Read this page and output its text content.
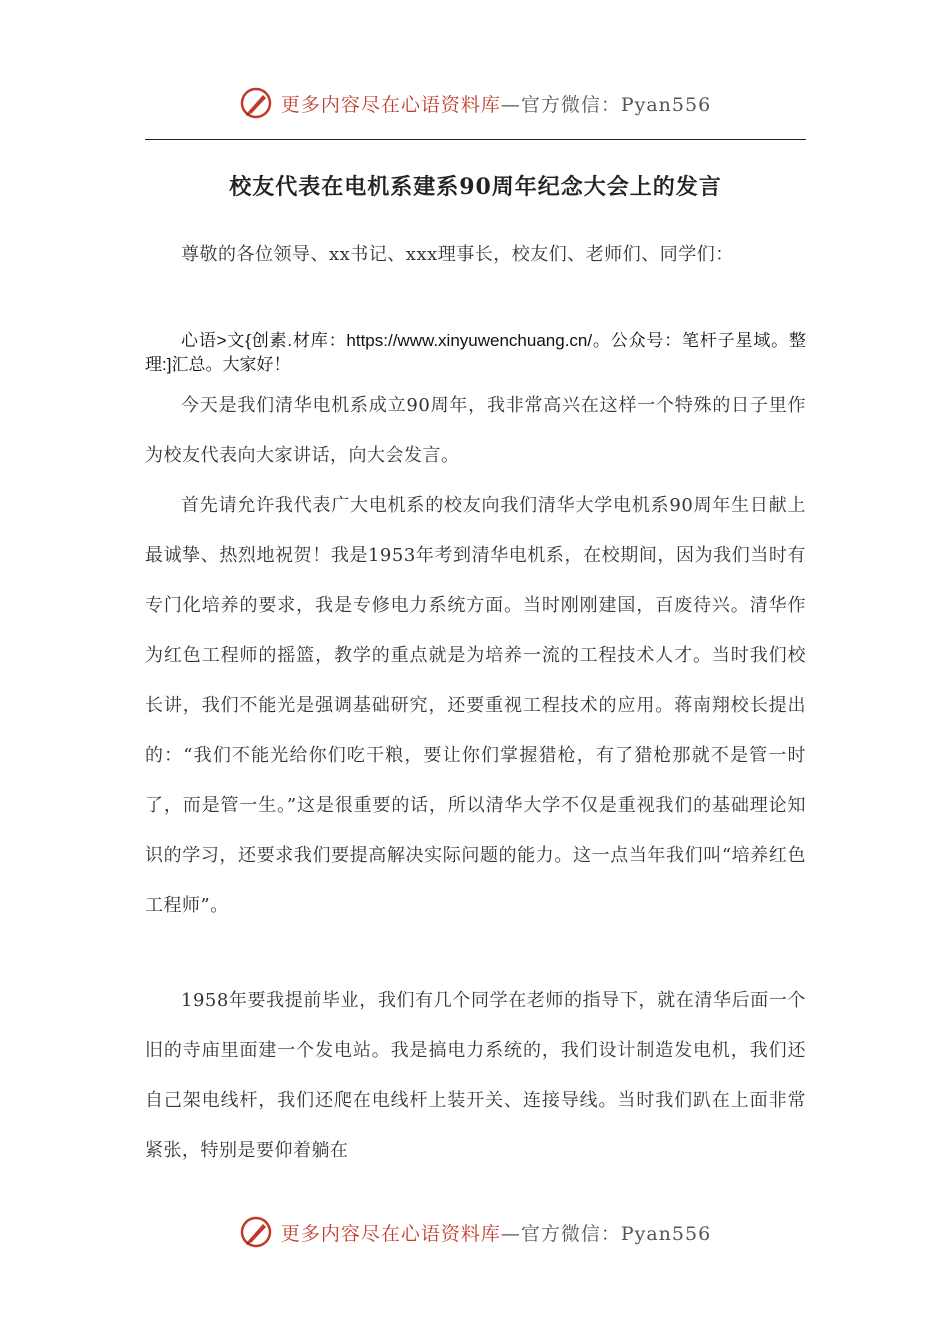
更多内容尽在心语资料库 —官方微信：Pyan556
校友代表在电机系建系90周年纪念大会上的发言

尊敬的各位领导、xx书记、xxx理事长，校友们、老师们、同学们：

心语>文{创素.材库：https://www.xinyuwenchuang.cn/。公众号：笔杆子星域。整理:]汇总。大家好！

今天是我们清华电机系成立90周年，我非常高兴在这样一个特殊的日子里作为校友代表向大家讲话，向大会发言。

首先请允许我代表广大电机系的校友向我们清华大学电机系90周年生日献上最诚挚、热烈地祝贺！我是1953年考到清华电机系，在校期间，因为我们当时有专门化培养的要求，我是专修电力系统方面。当时刚刚建国，百废待兴。清华作为红色工程师的摇篮，教学的重点就是为培养一流的工程技术人才。当时我们校长讲，我们不能光是强调基础研究，还要重视工程技术的应用。蒋南翔校长提出的：“我们不能光给你们吃干粮，要让你们掌握猎枪，有了猎枪那就不是管一时了，而是管一生。”这是很重要的话，所以清华大学不仅是重视我们的基础理论知识的学习，还要求我们要提高解决实际问题的能力。这一点当年我们叫“培养红色工程师”。

1958年要我提前毕业，我们有几个同学在老师的指导下，就在清华后面一个旧的寺庙里面建一个发电站。我是搞电力系统的，我们设计制造发电机，我们还自己架电线杆，我们还爬在电线杆上装开关、连接导线。当时我们趴在上面非常紧张，特别是要仰着躺在

更多内容尽在心语资料库 —官方微信：Pyan556
